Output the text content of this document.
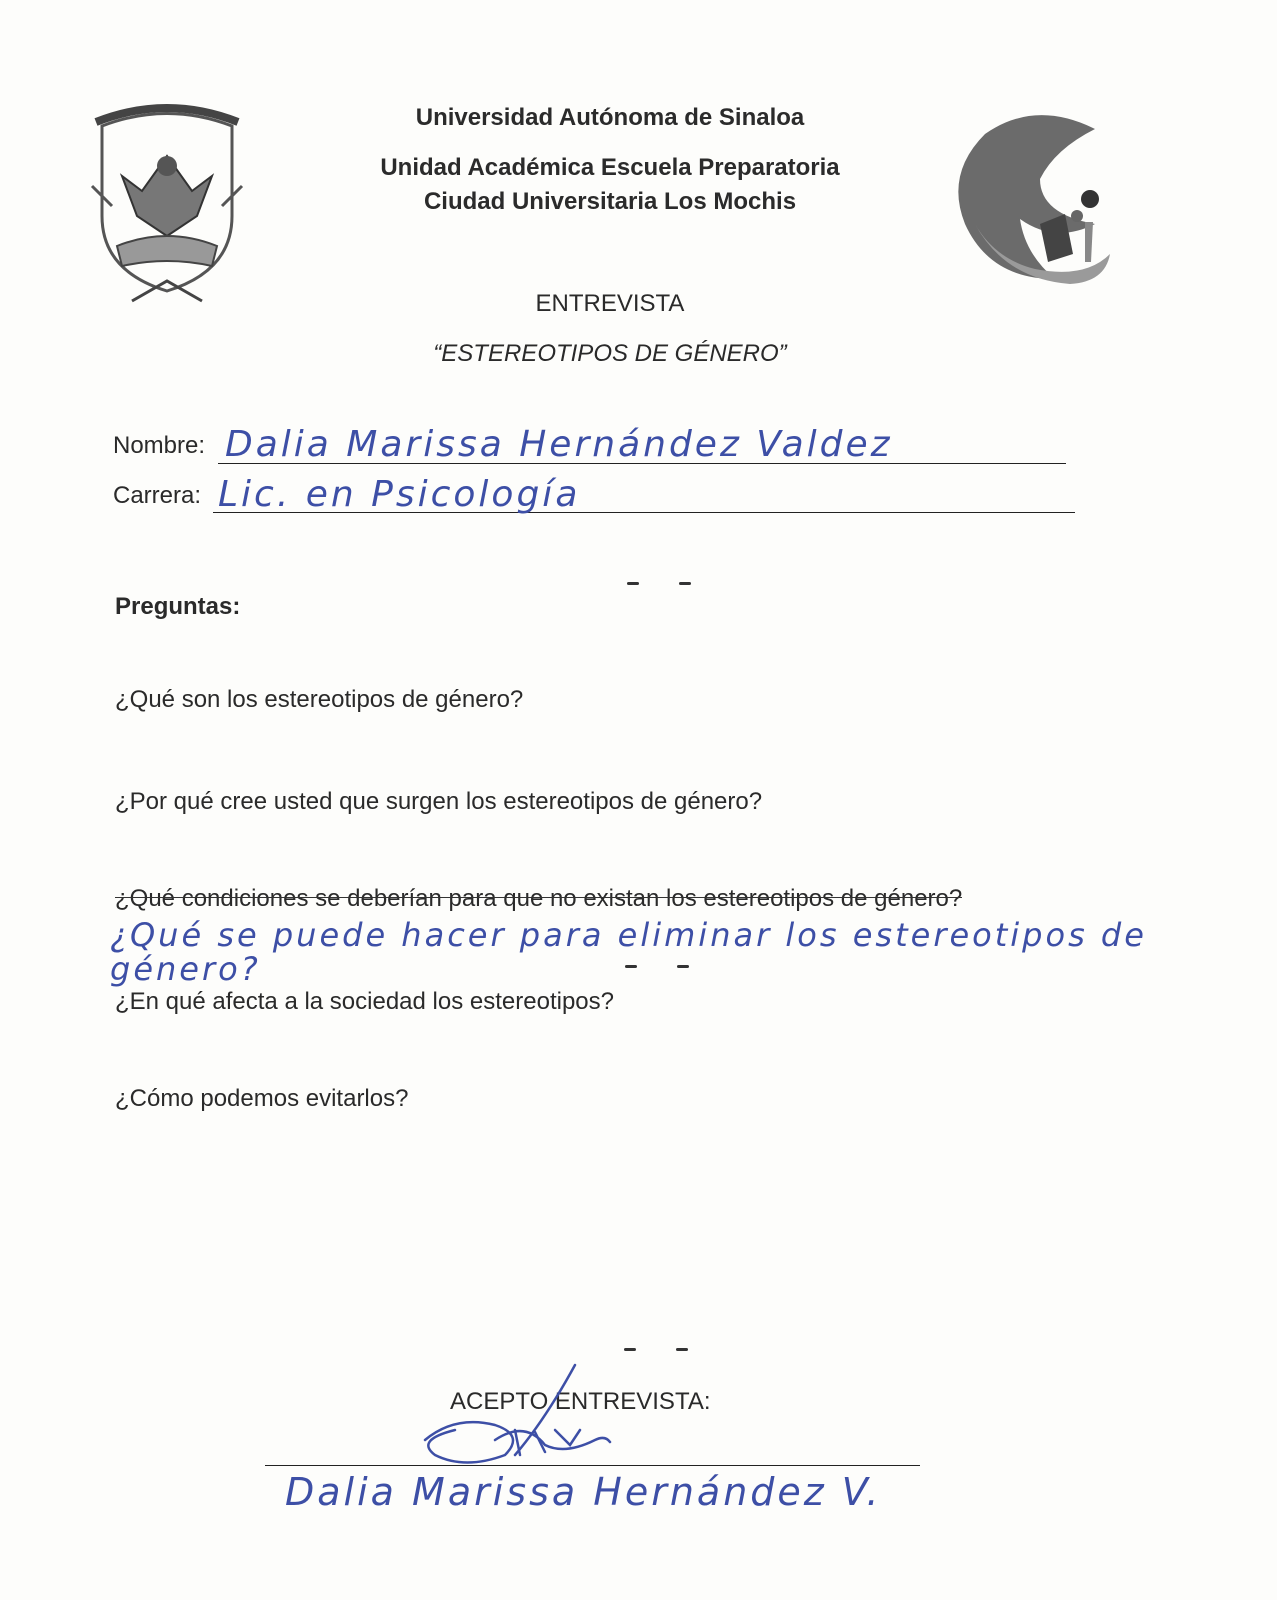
Universidad Autónoma de Sinaloa
Unidad Académica Escuela Preparatoria
Ciudad Universitaria Los Mochis
ENTREVISTA
“ESTEREOTIPOS DE GÉNERO”
Nombre: Dalia Marissa Hernández Valdez
Carrera: Lic. en Psicología
Preguntas:
¿Qué son los estereotipos de género?
¿Por qué cree usted que surgen los estereotipos de género?
¿Qué condiciones se deberían para que no existan los estereotipos de género?
¿Qué se puede hacer para eliminar los estereotipos de género?
¿En qué afecta a la sociedad los estereotipos?
¿Cómo podemos evitarlos?
ACEPTO ENTREVISTA:
Dalia Marissa Hernández V.
